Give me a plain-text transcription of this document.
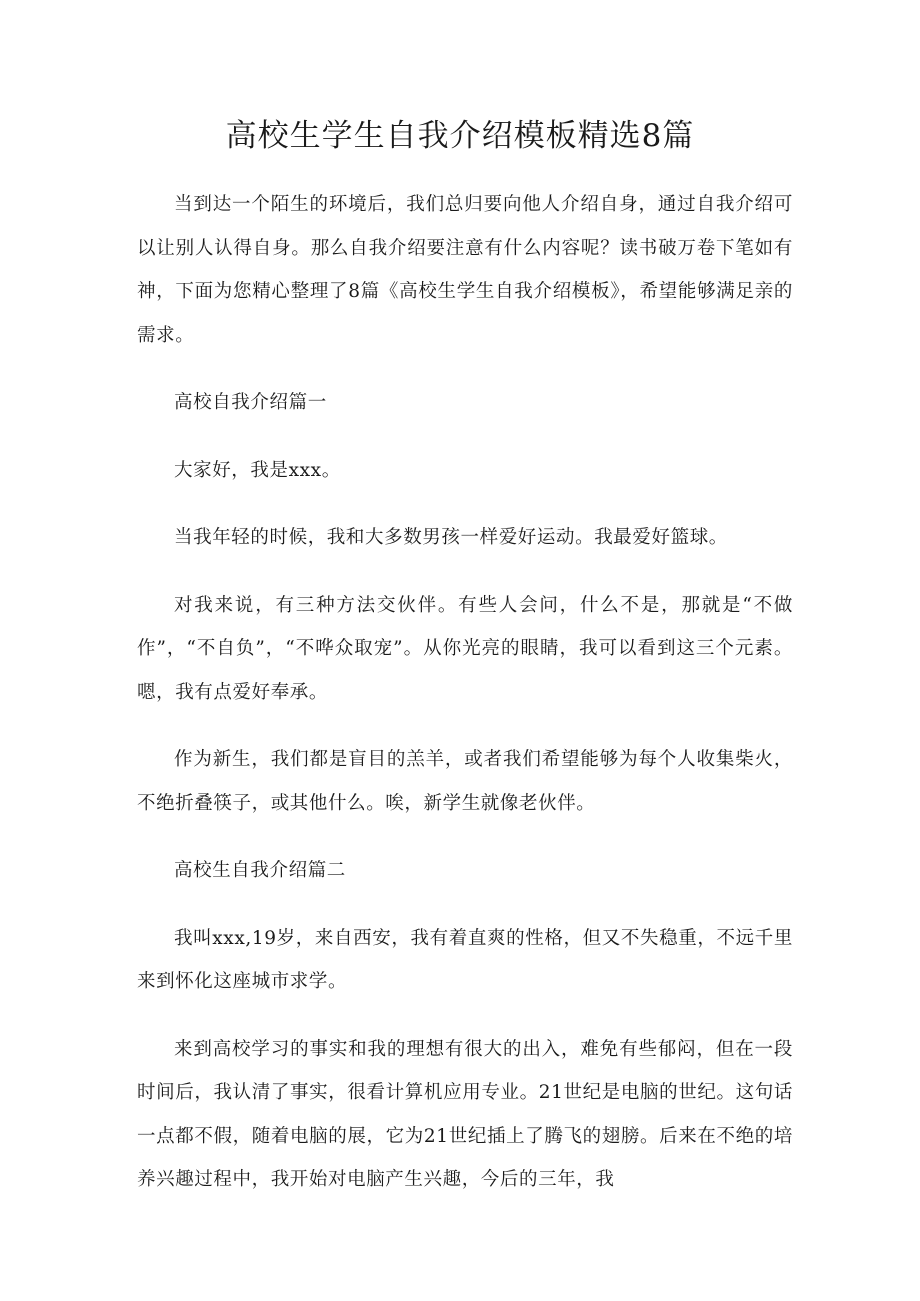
高校生学生自我介绍模板精选8篇

当到达一个陌生的环境后，我们总归要向他人介绍自身，通过自我介绍可以让别人认得自身。那么自我介绍要注意有什么内容呢？读书破万卷下笔如有神，下面为您精心整理了8篇《高校生学生自我介绍模板》，希望能够满足亲的需求。

高校自我介绍篇一

大家好，我是xxx。

当我年轻的时候，我和大多数男孩一样爱好运动。我最爱好篮球。

对我来说，有三种方法交伙伴。有些人会问，什么不是，那就是“不做作”，“不自负”，“不哗众取宠”。从你光亮的眼睛，我可以看到这三个元素。嗯，我有点爱好奉承。

作为新生，我们都是盲目的羔羊，或者我们希望能够为每个人收集柴火，不绝折叠筷子，或其他什么。唉，新学生就像老伙伴。

高校生自我介绍篇二

我叫xxx,19岁，来自西安，我有着直爽的性格，但又不失稳重，不远千里来到怀化这座城市求学。

来到高校学习的事实和我的理想有很大的出入，难免有些郁闷，但在一段时间后，我认清了事实，很看计算机应用专业。21世纪是电脑的世纪。这句话一点都不假，随着电脑的展，它为21世纪插上了腾飞的翅膀。后来在不绝的培养兴趣过程中，我开始对电脑产生兴趣，今后的三年，我
